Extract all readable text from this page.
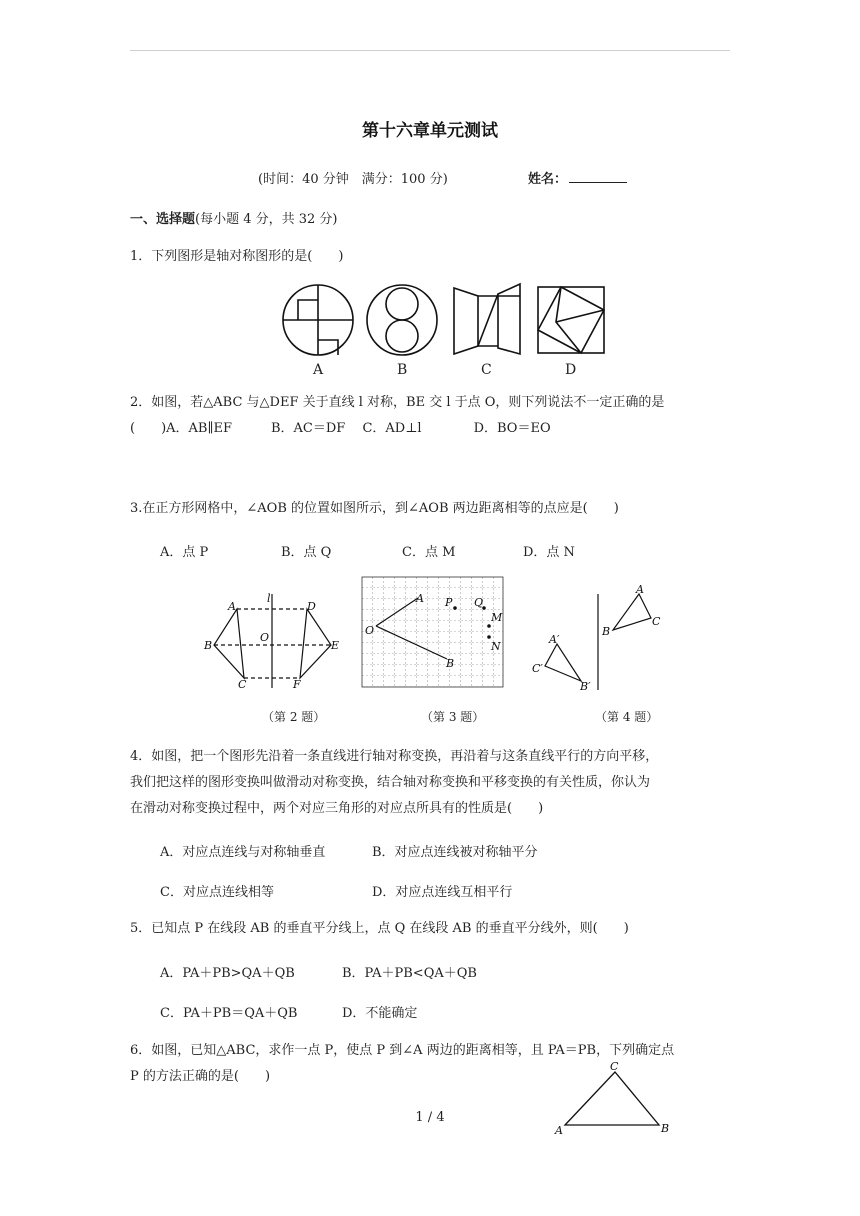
第十六章单元测试
(时间：40 分钟　满分：100 分)	姓名：
一、选择题(每小题 4 分，共 32 分)
1．下列图形是轴对称图形的是(　　)
A	B	C	D
2．如图，若△ABC 与△DEF 关于直线 l 对称，BE 交 l 于点 O，则下列说法不一定正确的是
(　　)A．AB∥EF　　　B．AC＝DF　 C．AD⊥l　　　　D．BO＝EO
3.在正方形网格中，∠AOB 的位置如图所示，到∠AOB 两边距离相等的点应是(　　)
A．点 P	B．点 Q	C．点 M	D．点 N
A
B
C
D
E
F
O
l
O
A
B
P Q
M
N
A
B
C
A′
C′
B′
（第 2 题）	（第 3 题）	（第 4 题）
4．如图，把一个图形先沿着一条直线进行轴对称变换，再沿着与这条直线平行的方向平移，
我们把这样的图形变换叫做滑动对称变换，结合轴对称变换和平移变换的有关性质，你认为
在滑动对称变换过程中，两个对应三角形的对应点所具有的性质是(　　)
A．对应点连线与对称轴垂直	B．对应点连线被对称轴平分
C．对应点连线相等	D．对应点连线互相平行
5．已知点 P 在线段 AB 的垂直平分线上，点 Q 在线段 AB 的垂直平分线外，则(　　)
A．PA＋PB>QA＋QB	B．PA＋PB<QA＋QB
C．PA＋PB＝QA＋QB	D．不能确定
6．如图，已知△ABC，求作一点 P，使点 P 到∠A 两边的距离相等，且 PA＝PB，下列确定点
P 的方法正确的是(　　)
A	B
C
1 / 4
